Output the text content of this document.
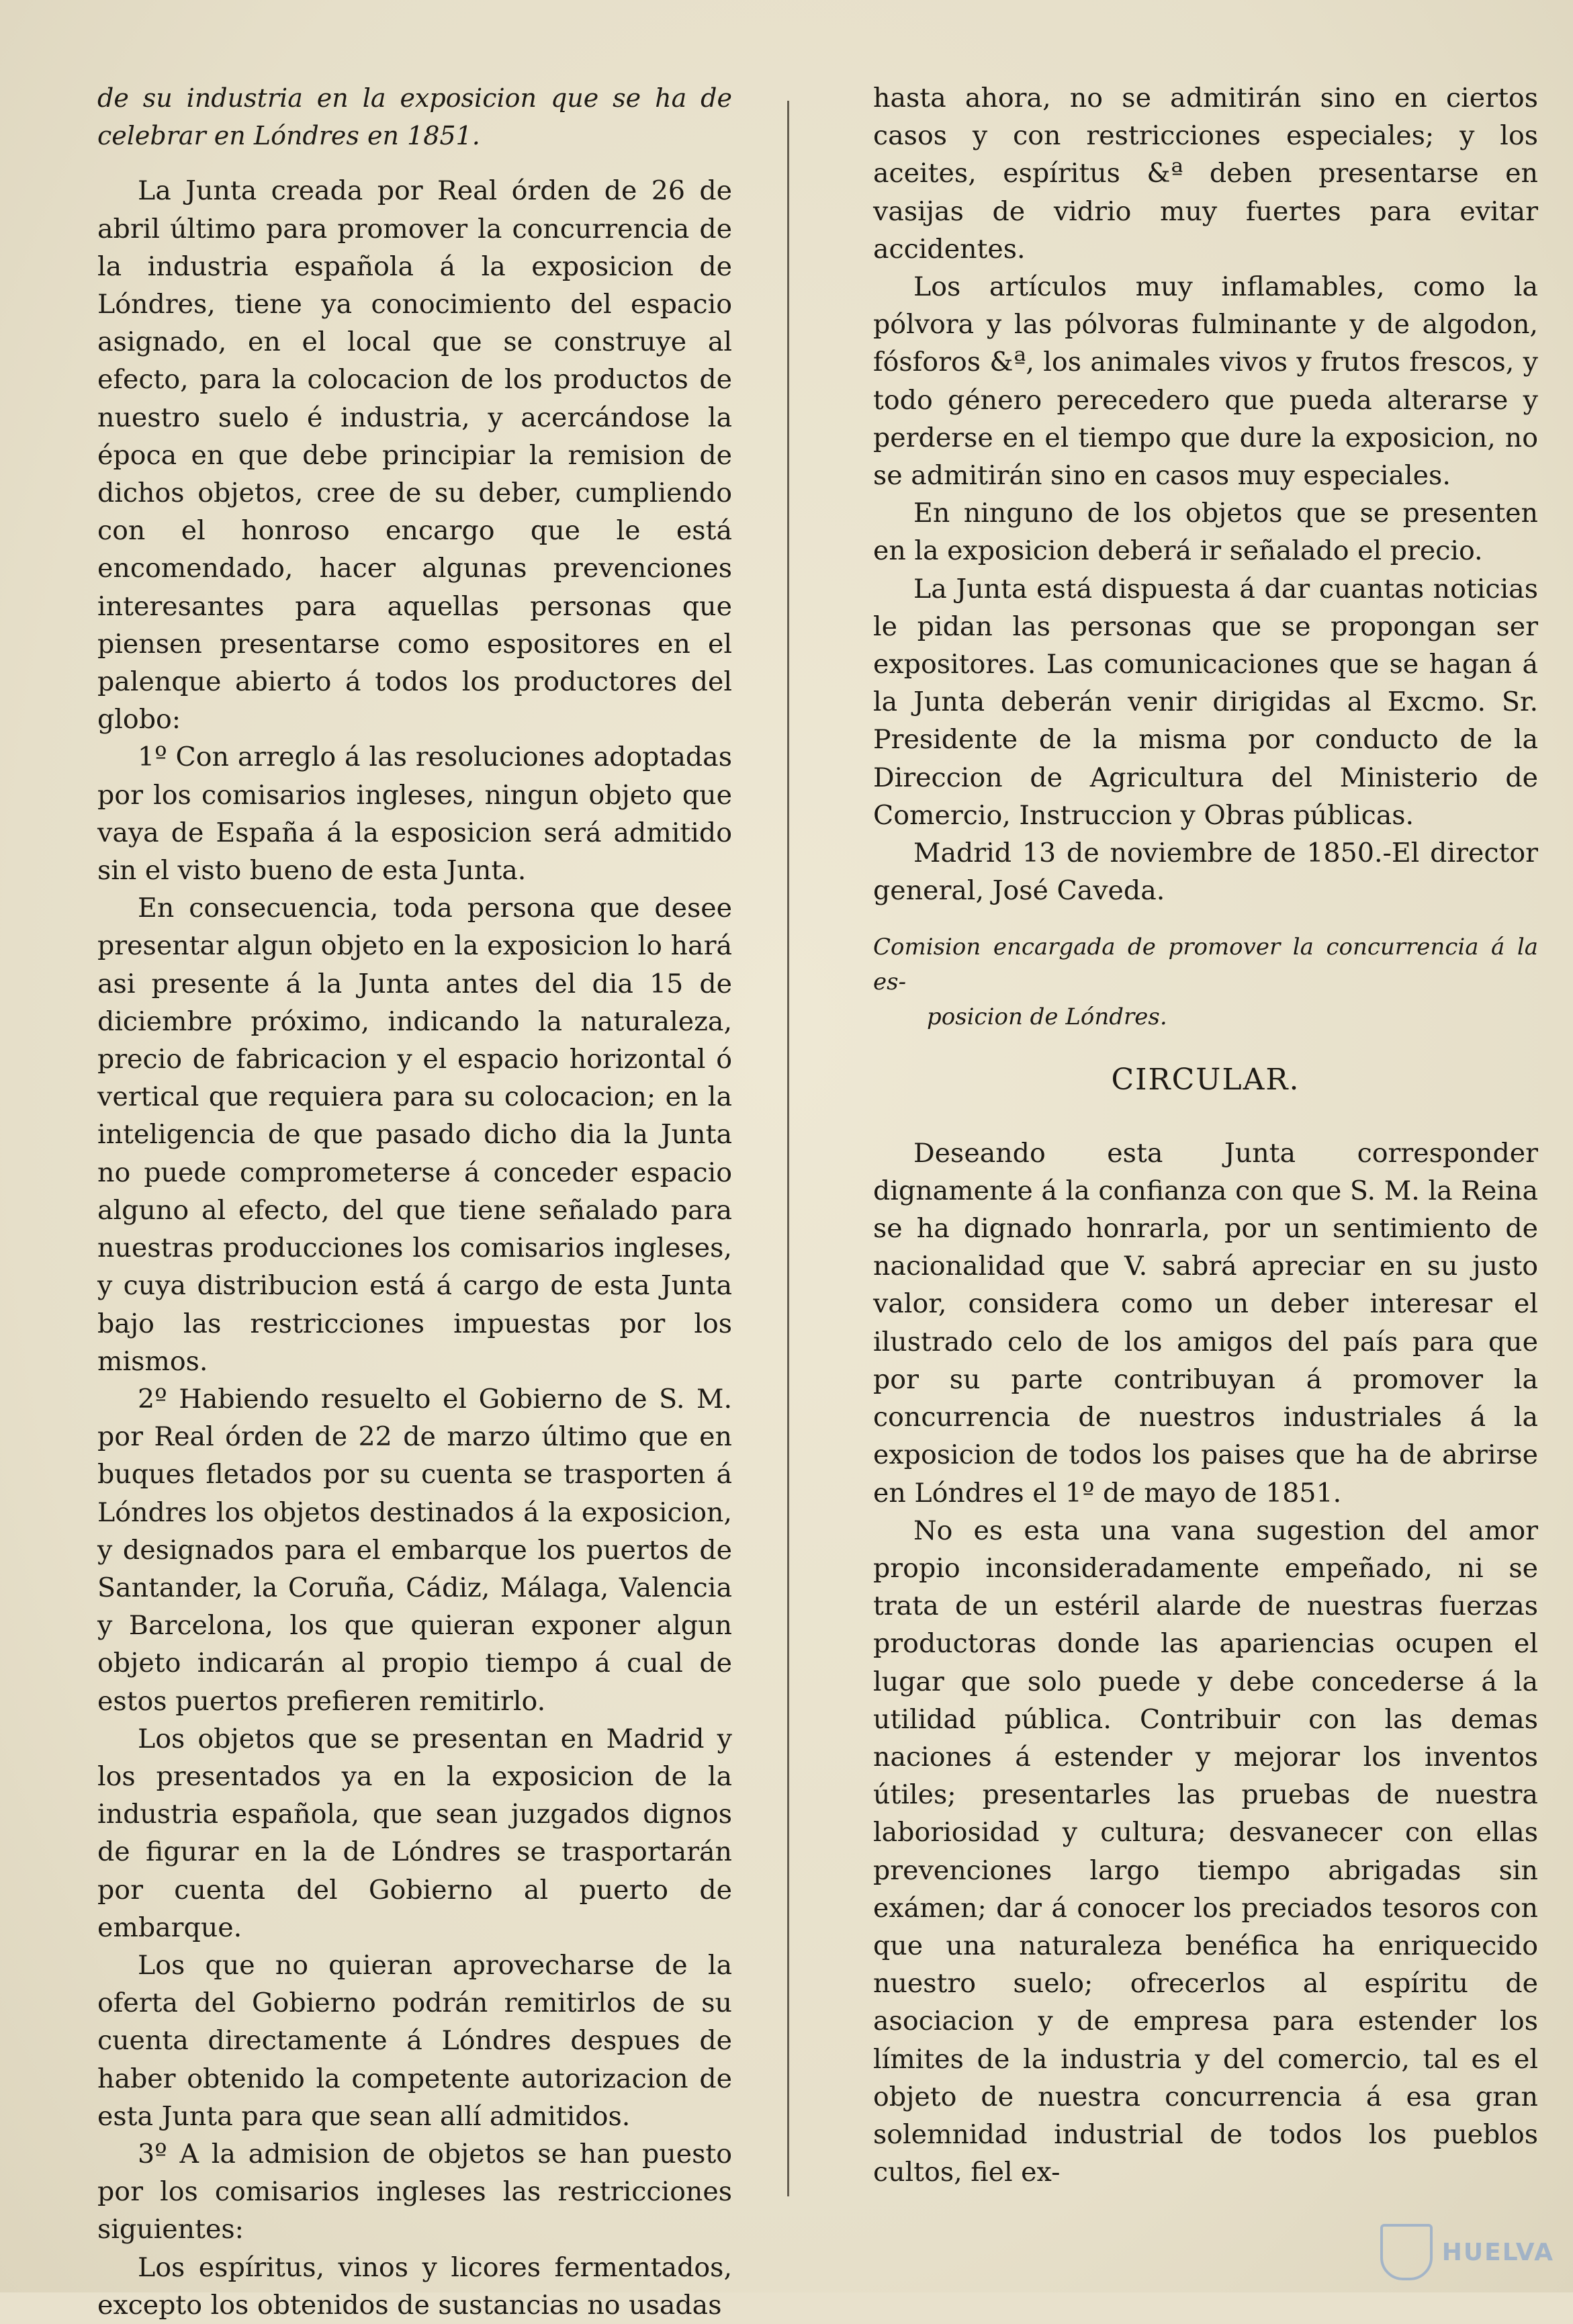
de su industria en la exposicion que se ha de celebrar en Lóndres en 1851.

La Junta creada por Real órden de 26 de abril último para promover la concurrencia de la industria española á la exposicion de Lóndres, tiene ya conocimiento del espacio asignado, en el local que se construye al efecto, para la colocacion de los productos de nuestro suelo é industria, y acercándose la época en que debe principiar la remision de dichos objetos, cree de su deber, cumpliendo con el honroso encargo que le está encomendado, hacer algunas prevenciones interesantes para aquellas personas que piensen presentarse como espositores en el palenque abierto á todos los productores del globo:

1º Con arreglo á las resoluciones adoptadas por los comisarios ingleses, ningun objeto que vaya de España á la esposicion será admitido sin el visto bueno de esta Junta.

En consecuencia, toda persona que desee presentar algun objeto en la exposicion lo hará asi presente á la Junta antes del dia 15 de diciembre próximo, indicando la naturaleza, precio de fabricacion y el espacio horizontal ó vertical que requiera para su colocacion; en la inteligencia de que pasado dicho dia la Junta no puede comprometerse á conceder espacio alguno al efecto, del que tiene señalado para nuestras producciones los comisarios ingleses, y cuya distribucion está á cargo de esta Junta bajo las restricciones impuestas por los mismos.

2º Habiendo resuelto el Gobierno de S. M. por Real órden de 22 de marzo último que en buques fletados por su cuenta se trasporten á Lóndres los objetos destinados á la exposicion, y designados para el embarque los puertos de Santander, la Coruña, Cádiz, Málaga, Valencia y Barcelona, los que quieran exponer algun objeto indicarán al propio tiempo á cual de estos puertos prefieren remitirlo.

Los objetos que se presentan en Madrid y los presentados ya en la exposicion de la industria española, que sean juzgados dignos de figurar en la de Lóndres se trasportarán por cuenta del Gobierno al puerto de embarque.

Los que no quieran aprovecharse de la oferta del Gobierno podrán remitirlos de su cuenta directamente á Lóndres despues de haber obtenido la competente autorizacion de esta Junta para que sean allí admitidos.

3º A la admision de objetos se han puesto por los comisarios ingleses las restricciones siguientes:

Los espíritus, vinos y licores fermentados, excepto los obtenidos de sustancias no usadas

hasta ahora, no se admitirán sino en ciertos casos y con restricciones especiales; y los aceites, espíritus &ª deben presentarse en vasijas de vidrio muy fuertes para evitar accidentes.

Los artículos muy inflamables, como la pólvora y las pólvoras fulminante y de algodon, fósforos &ª, los animales vivos y frutos frescos, y todo género perecedero que pueda alterarse y perderse en el tiempo que dure la exposicion, no se admitirán sino en casos muy especiales.

En ninguno de los objetos que se presenten en la exposicion deberá ir señalado el precio.

La Junta está dispuesta á dar cuantas noticias le pidan las personas que se propongan ser expositores. Las comunicaciones que se hagan á la Junta deberán venir dirigidas al Excmo. Sr. Presidente de la misma por conducto de la Direccion de Agricultura del Ministerio de Comercio, Instruccion y Obras públicas.

Madrid 13 de noviembre de 1850.-El director general, José Caveda.

Comision encargada de promover la concurrencia á la es-
posicion de Lóndres.

CIRCULAR.

Deseando esta Junta corresponder dignamente á la confianza con que S. M. la Reina se ha dignado honrarla, por un sentimiento de nacionalidad que V. sabrá apreciar en su justo valor, considera como un deber interesar el ilustrado celo de los amigos del país para que por su parte contribuyan á promover la concurrencia de nuestros industriales á la exposicion de todos los paises que ha de abrirse en Lóndres el 1º de mayo de 1851.

No es esta una vana sugestion del amor propio inconsideradamente empeñado, ni se trata de un estéril alarde de nuestras fuerzas productoras donde las apariencias ocupen el lugar que solo puede y debe concederse á la utilidad pública. Contribuir con las demas naciones á estender y mejorar los inventos útiles; presentarles las pruebas de nuestra laboriosidad y cultura; desvanecer con ellas prevenciones largo tiempo abrigadas sin exámen; dar á conocer los preciados tesoros con que una naturaleza benéfica ha enriquecido nuestro suelo; ofrecerlos al espíritu de asociacion y de empresa para estender los límites de la industria y del comercio, tal es el objeto de nuestra concurrencia á esa gran solemnidad industrial de todos los pueblos cultos, fiel ex-

HUELVA
